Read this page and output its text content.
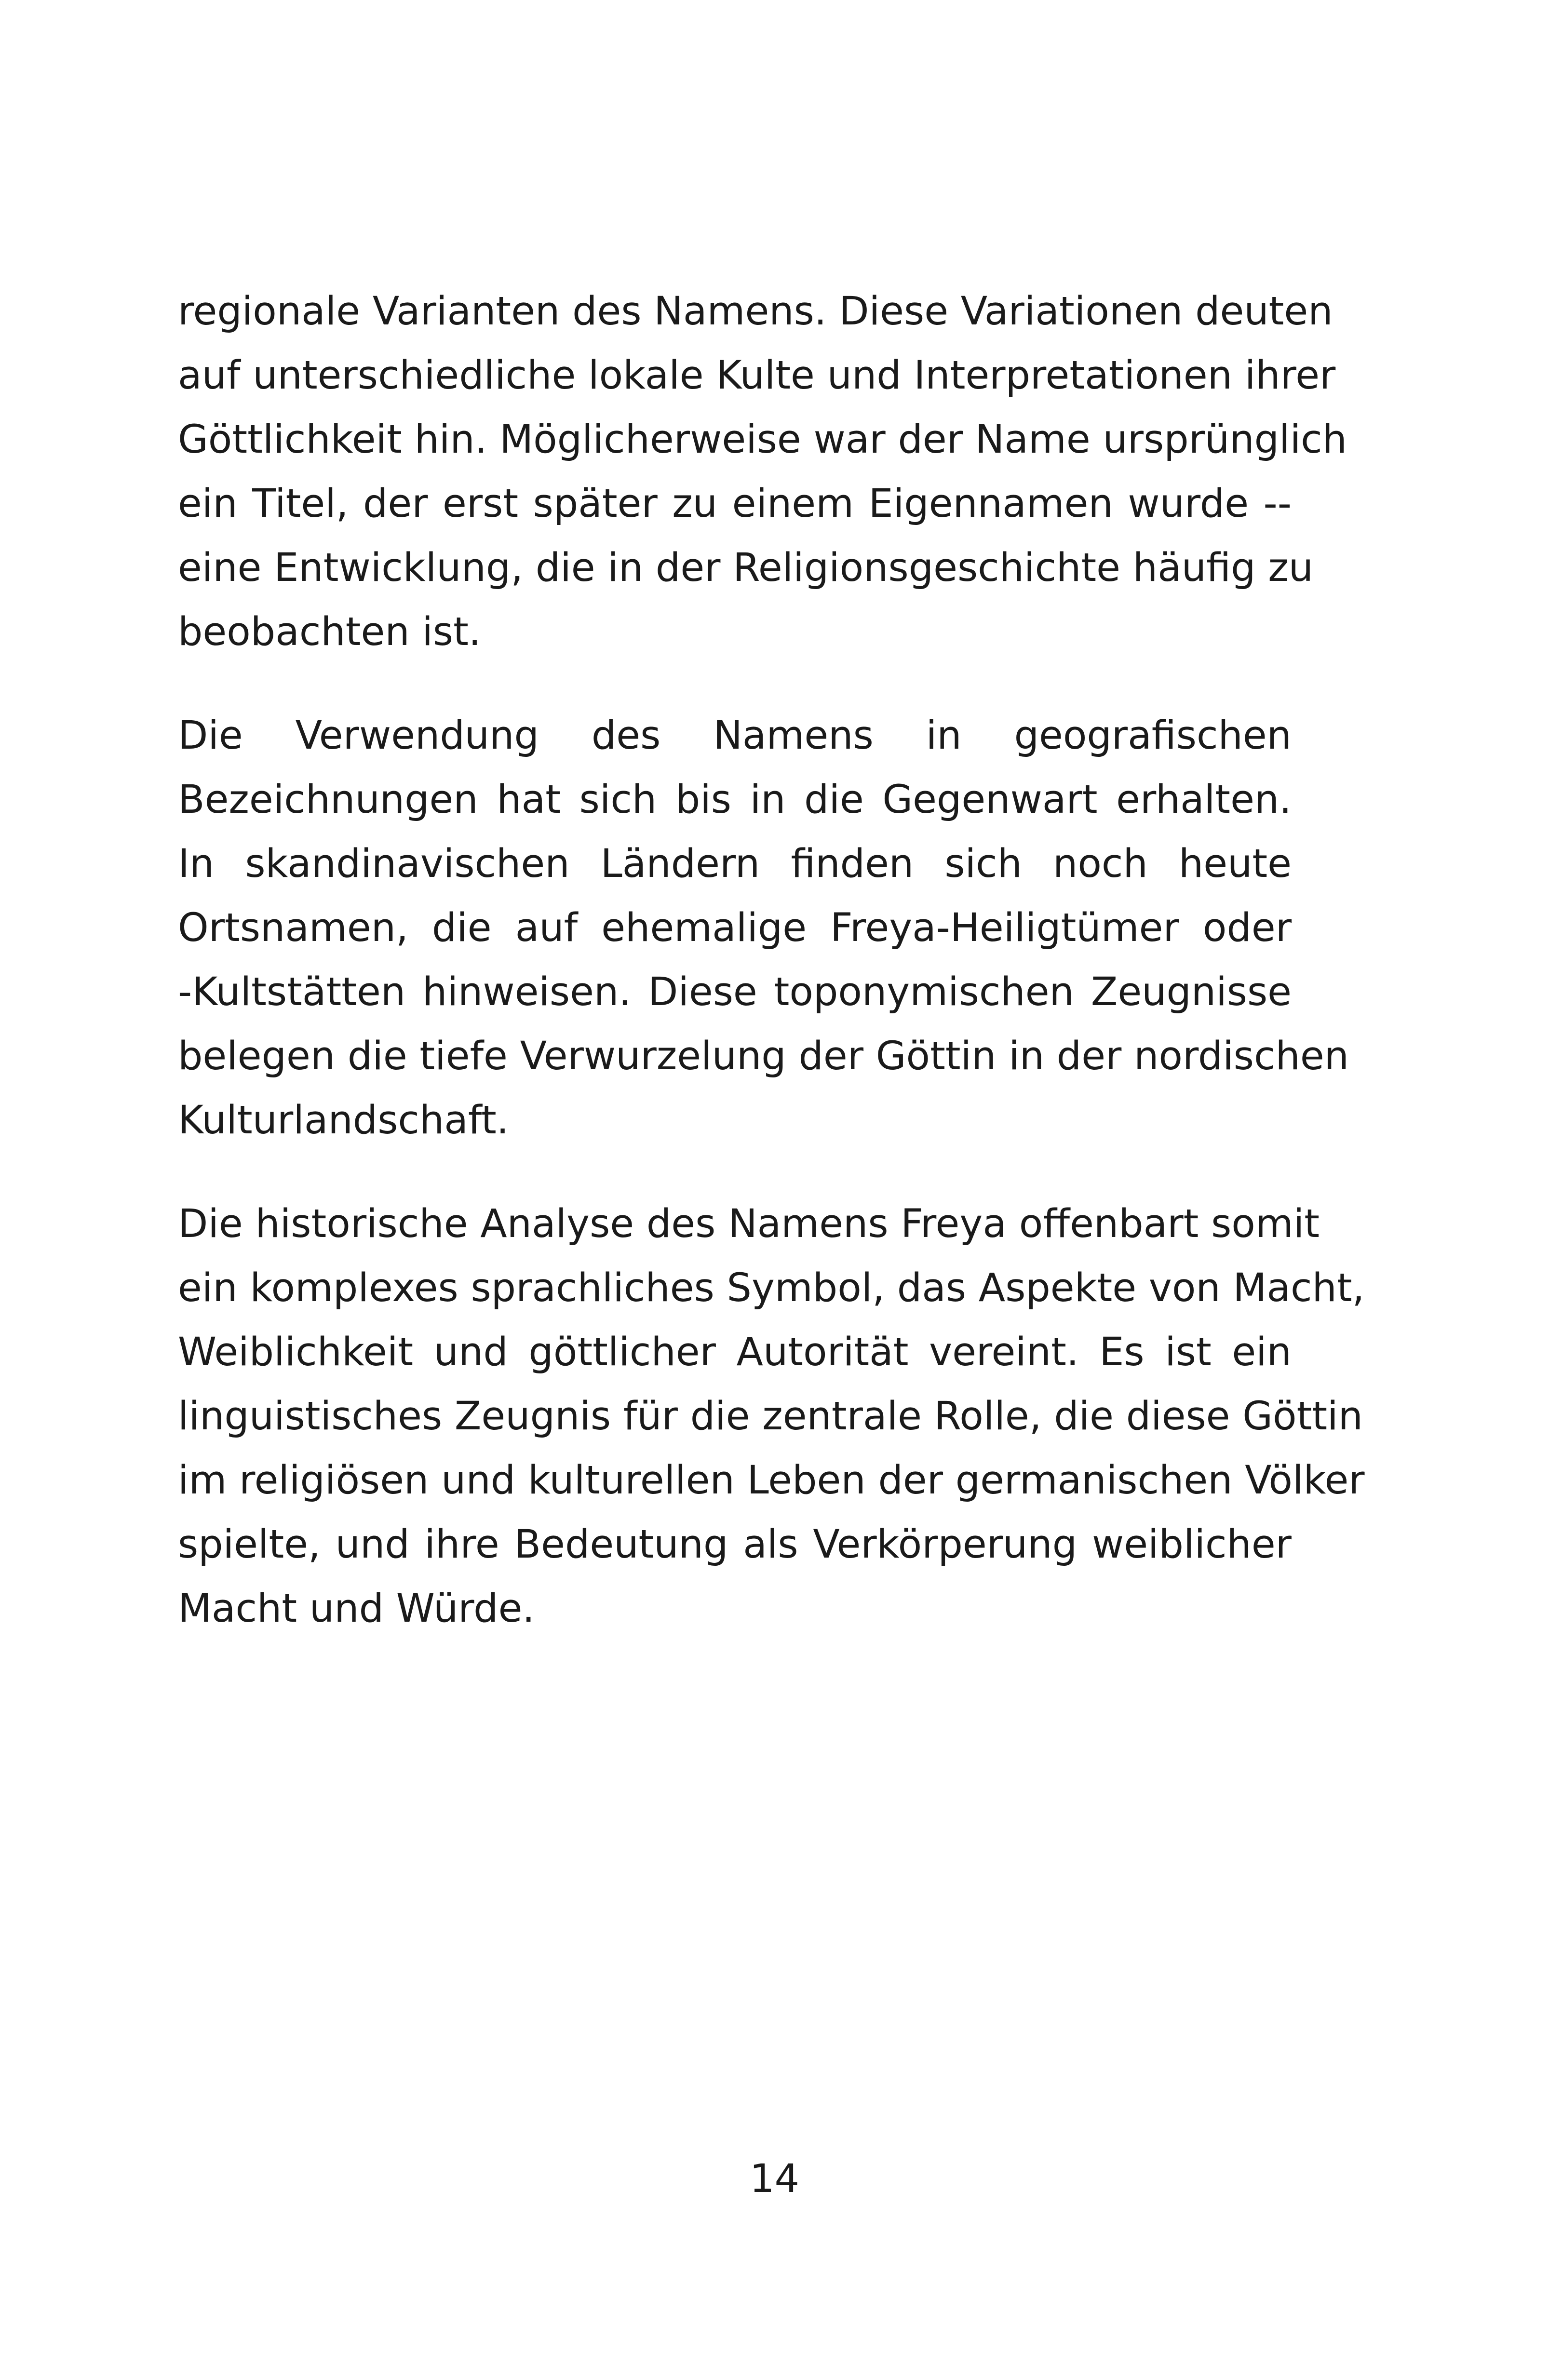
regionale Varianten des Namens. Diese Variationen deuten
auf unterschiedliche lokale Kulte und Interpretationen ihrer
Göttlichkeit hin. Möglicherweise war der Name ursprünglich
ein Titel, der erst später zu einem Eigennamen wurde --
eine Entwicklung, die in der Religionsgeschichte häufig zu
beobachten ist.

Die Verwendung des Namens in geografischen
Bezeichnungen hat sich bis in die Gegenwart erhalten.
In skandinavischen Ländern finden sich noch heute
Ortsnamen, die auf ehemalige Freya-Heiligtümer oder
-Kultstätten hinweisen. Diese toponymischen Zeugnisse
belegen die tiefe Verwurzelung der Göttin in der nordischen
Kulturlandschaft.

Die historische Analyse des Namens Freya offenbart somit
ein komplexes sprachliches Symbol, das Aspekte von Macht,
Weiblichkeit und göttlicher Autorität vereint. Es ist ein
linguistisches Zeugnis für die zentrale Rolle, die diese Göttin
im religiösen und kulturellen Leben der germanischen Völker
spielte, und ihre Bedeutung als Verkörperung weiblicher
Macht und Würde.

14
